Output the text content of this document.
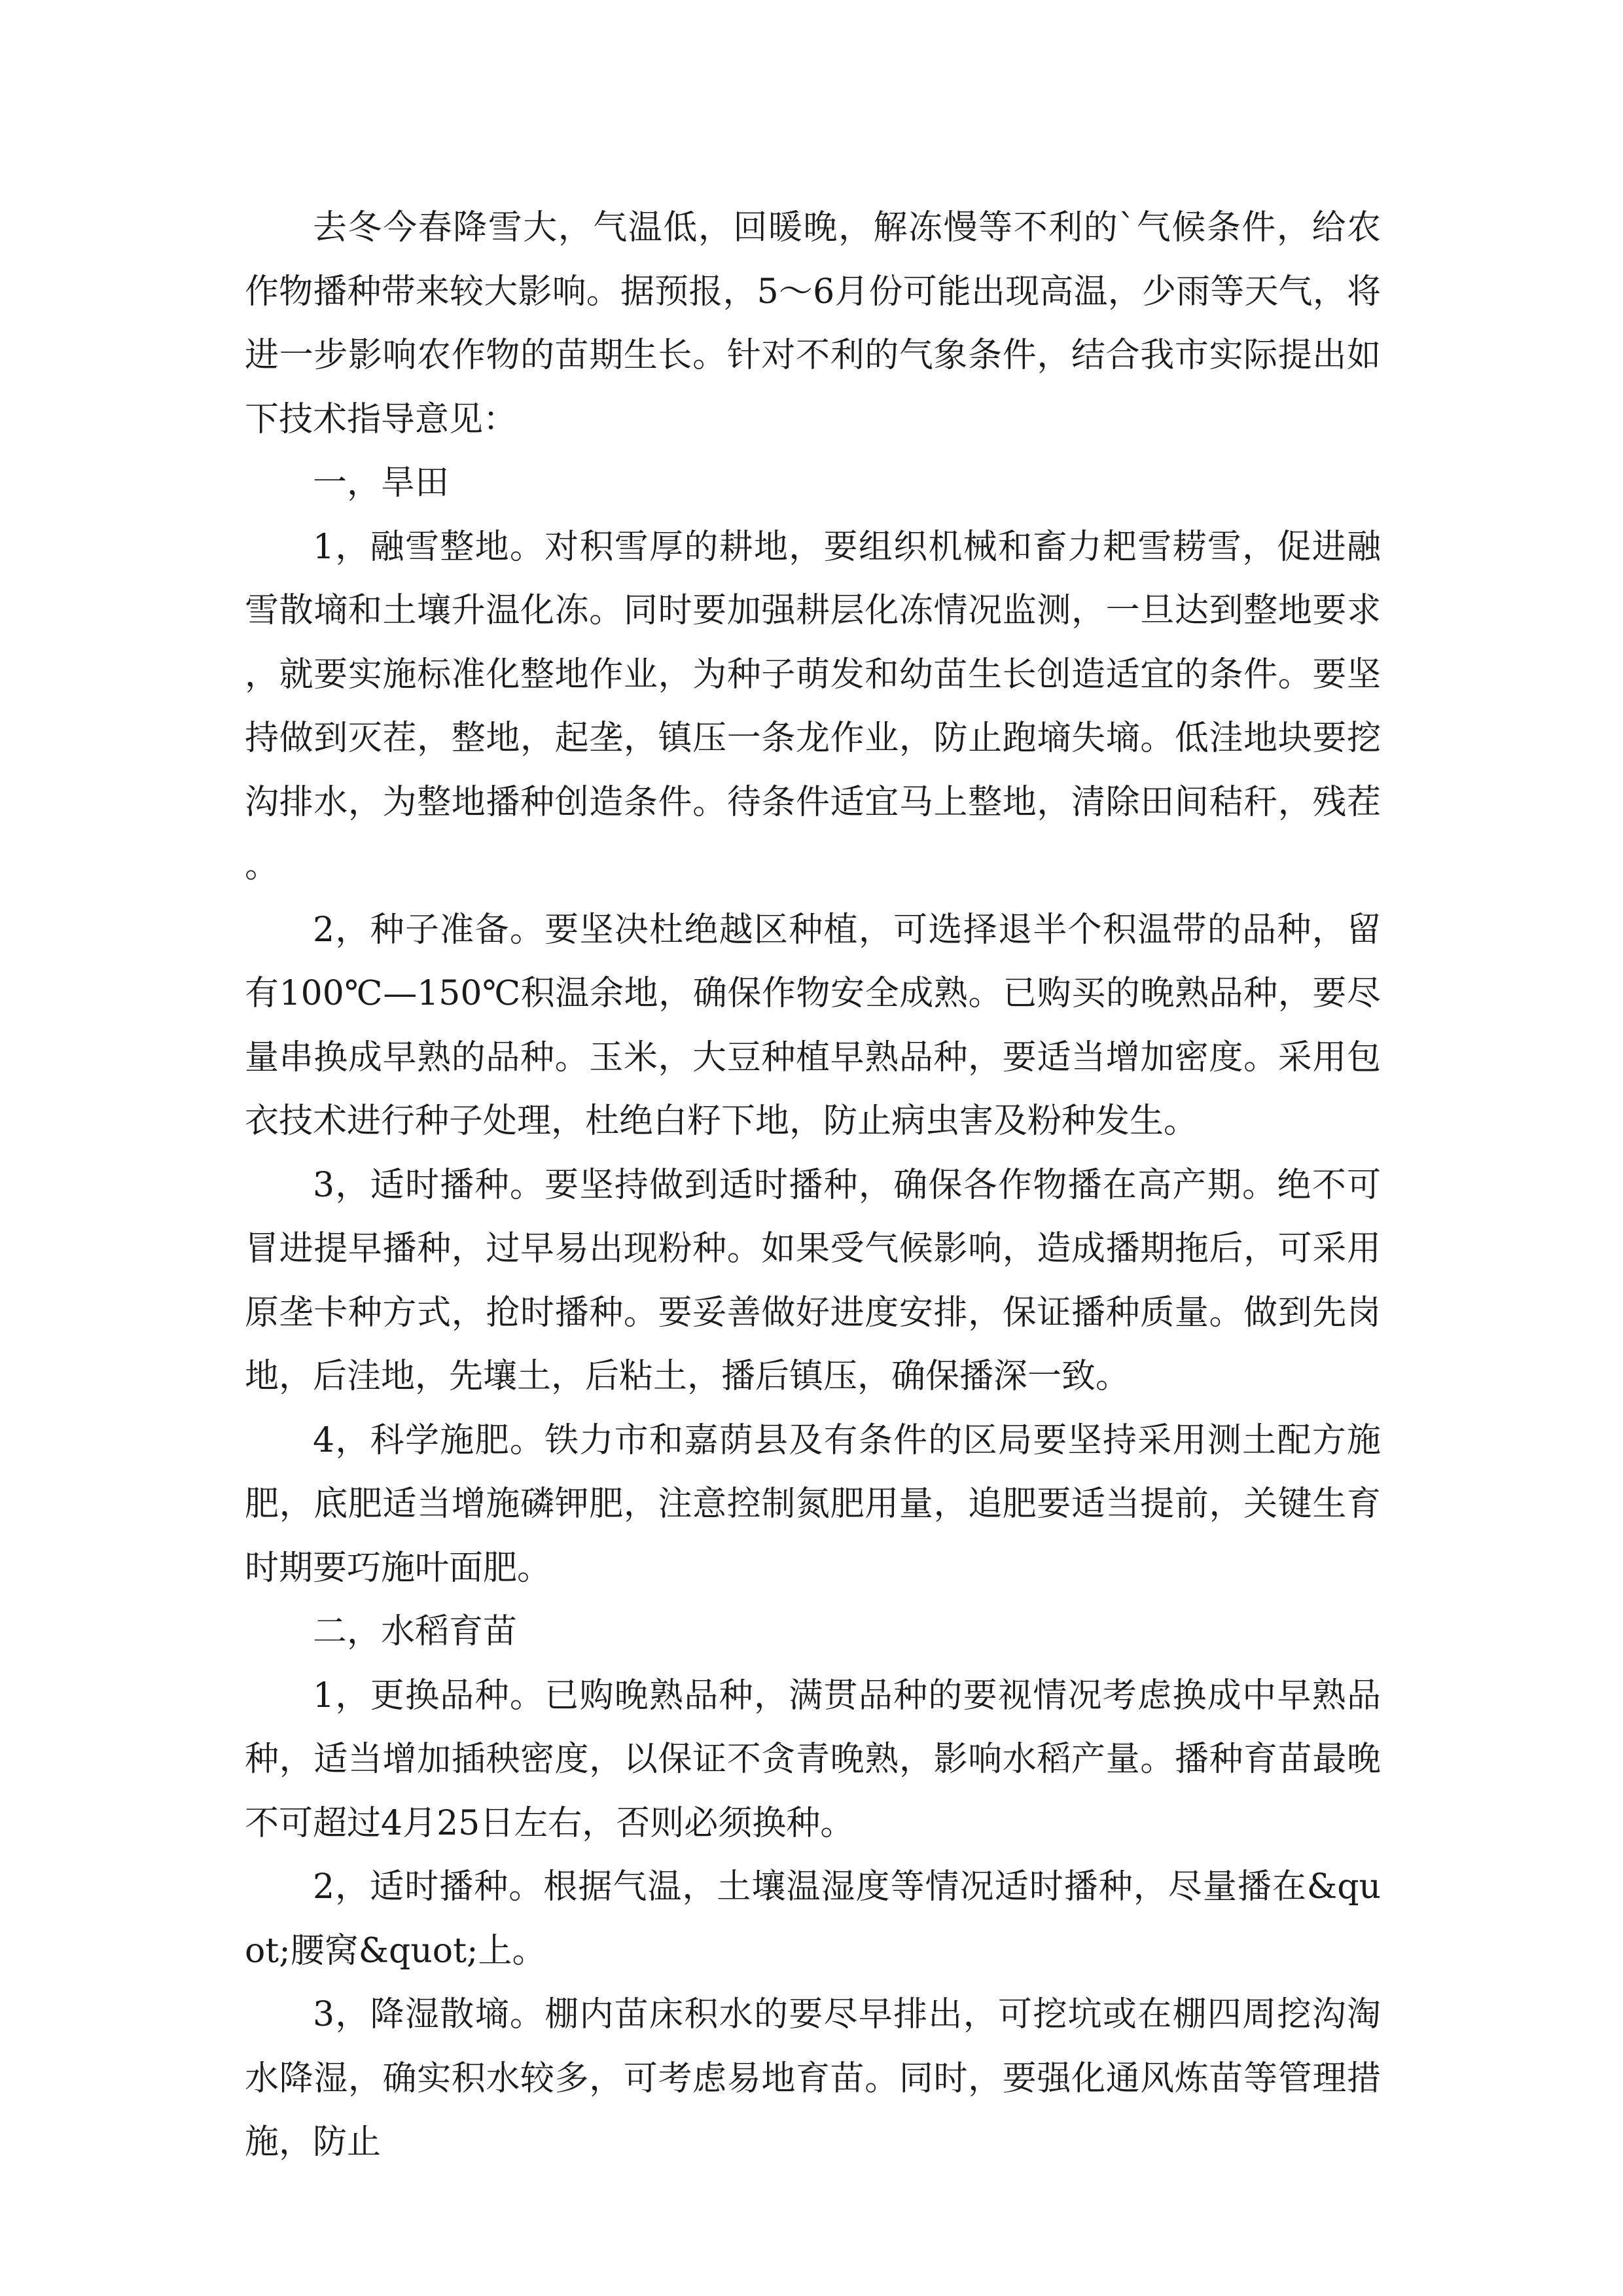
去冬今春降雪大，气温低，回暖晚，解冻慢等不利的`气候条件，给农作物播种带来较大影响。据预报，5～6月份可能出现高温，少雨等天气，将进一步影响农作物的苗期生长。针对不利的气象条件，结合我市实际提出如下技术指导意见：

一，旱田

1，融雪整地。对积雪厚的耕地，要组织机械和畜力耙雪耢雪，促进融雪散墒和土壤升温化冻。同时要加强耕层化冻情况监测，一旦达到整地要求，就要实施标准化整地作业，为种子萌发和幼苗生长创造适宜的条件。要坚持做到灭茬，整地，起垄，镇压一条龙作业，防止跑墒失墒。低洼地块要挖沟排水，为整地播种创造条件。待条件适宜马上整地，清除田间秸秆，残茬。

2，种子准备。要坚决杜绝越区种植，可选择退半个积温带的品种，留有100℃—150℃积温余地，确保作物安全成熟。已购买的晚熟品种，要尽量串换成早熟的品种。玉米，大豆种植早熟品种，要适当增加密度。采用包衣技术进行种子处理，杜绝白籽下地，防止病虫害及粉种发生。

3，适时播种。要坚持做到适时播种，确保各作物播在高产期。绝不可冒进提早播种，过早易出现粉种。如果受气候影响，造成播期拖后，可采用原垄卡种方式，抢时播种。要妥善做好进度安排，保证播种质量。做到先岗地，后洼地，先壤土，后粘土，播后镇压，确保播深一致。

4，科学施肥。铁力市和嘉荫县及有条件的区局要坚持采用测土配方施肥，底肥适当增施磷钾肥，注意控制氮肥用量，追肥要适当提前，关键生育时期要巧施叶面肥。

二，水稻育苗

1，更换品种。已购晚熟品种，满贯品种的要视情况考虑换成中早熟品种，适当增加插秧密度，以保证不贪青晚熟，影响水稻产量。播种育苗最晚不可超过4月25日左右，否则必须换种。

2，适时播种。根据气温，土壤温湿度等情况适时播种，尽量播在&quot;腰窝&quot;上。

3，降湿散墒。棚内苗床积水的要尽早排出，可挖坑或在棚四周挖沟淘水降湿，确实积水较多，可考虑易地育苗。同时，要强化通风炼苗等管理措施，防止
